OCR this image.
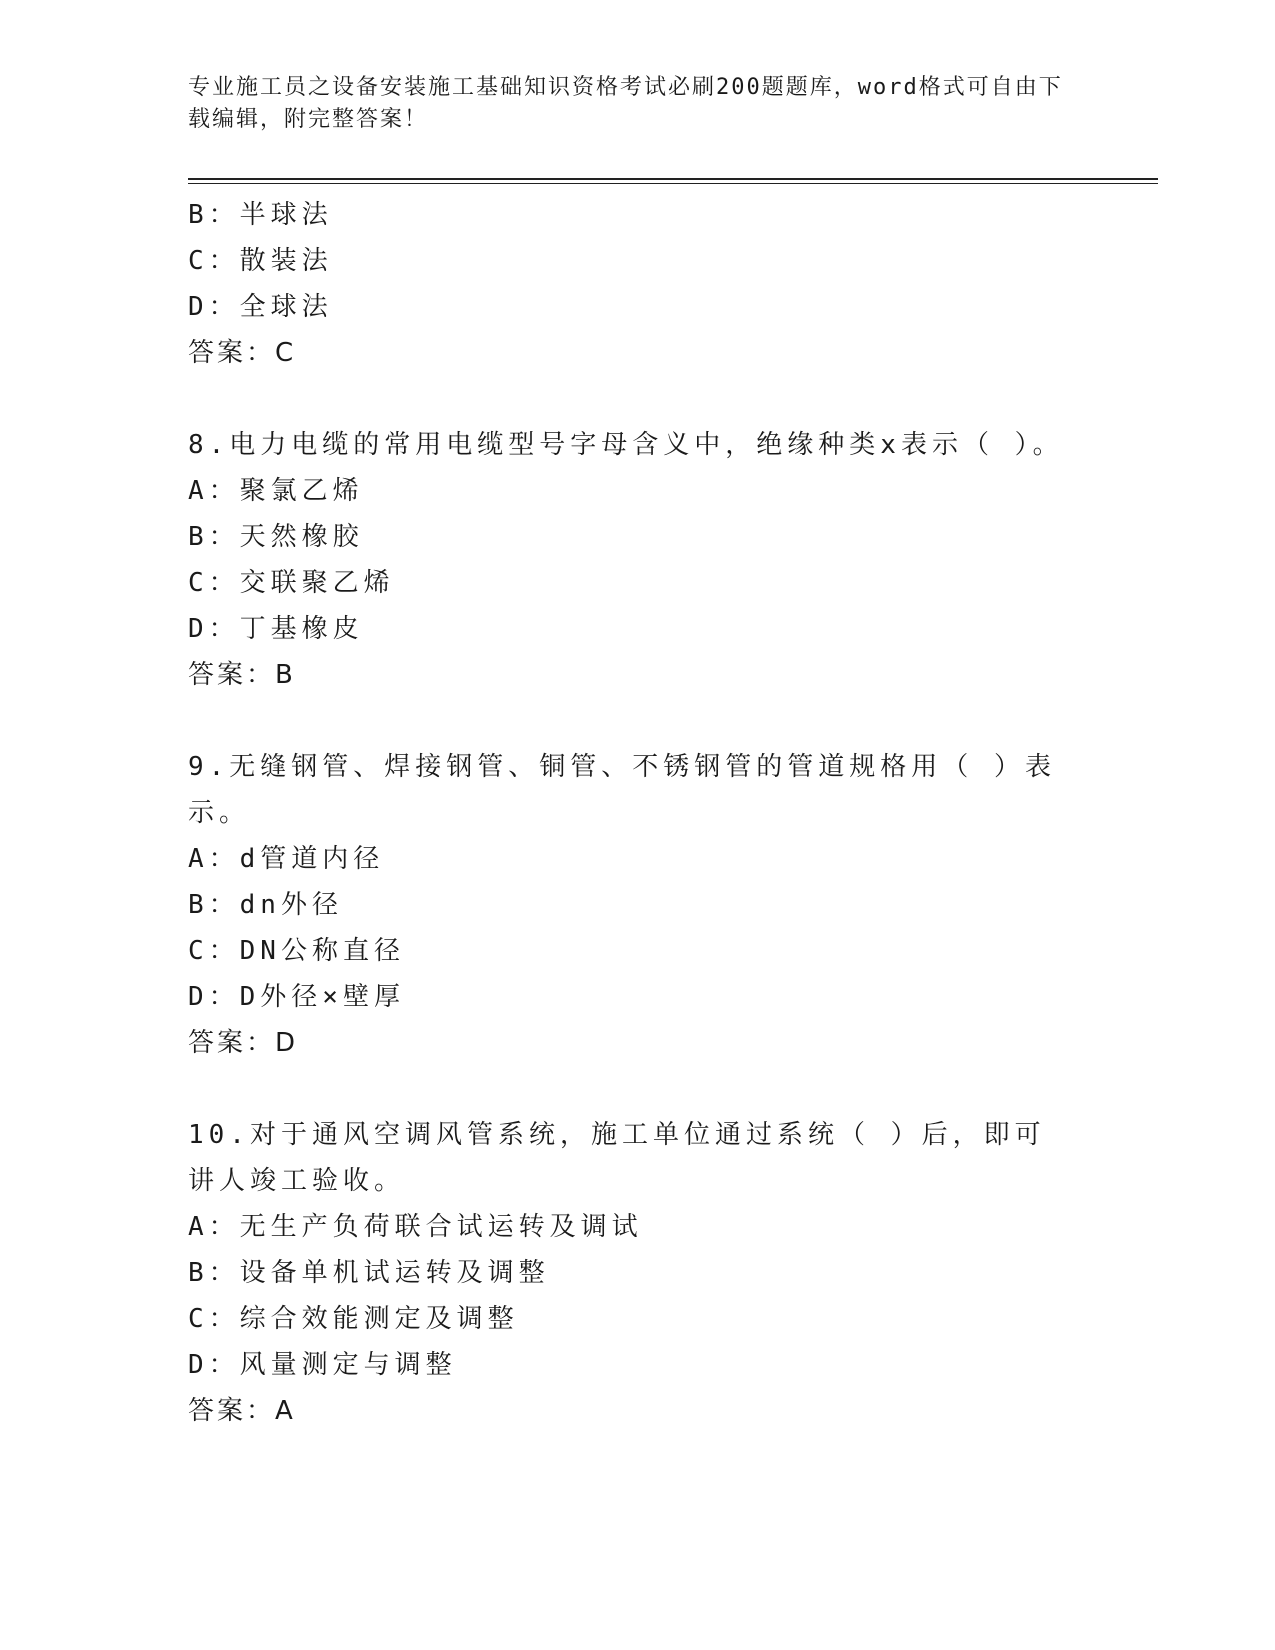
专业施工员之设备安装施工基础知识资格考试必刷200题题库，word格式可自由下载编辑，附完整答案！
B：半球法
C：散装法
D：全球法
答案：C
8.电力电缆的常用电缆型号字母含义中，绝缘种类x表示（ ）。
A：聚氯乙烯
B：天然橡胶
C：交联聚乙烯
D：丁基橡皮
答案：B
9.无缝钢管、焊接钢管、铜管、不锈钢管的管道规格用（ ）表示。
A：d管道内径
B：dn外径
C：DN公称直径
D：D外径×壁厚
答案：D
10.对于通风空调风管系统，施工单位通过系统（ ）后，即可讲人竣工验收。
A：无生产负荷联合试运转及调试
B：设备单机试运转及调整
C：综合效能测定及调整
D：风量测定与调整
答案：A
